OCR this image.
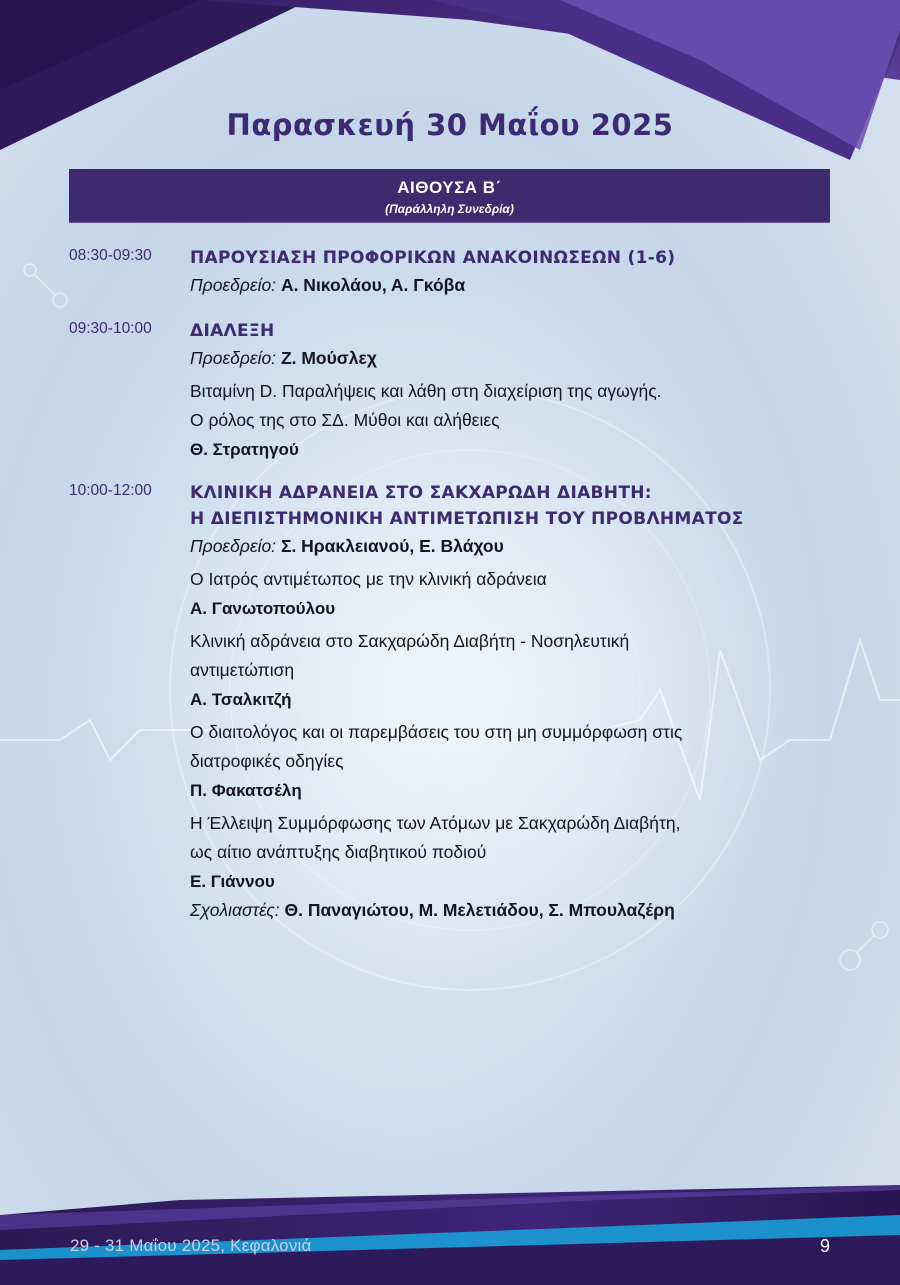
Παρασκευή 30 Μαΐου 2025
ΑΙΘΟΥΣΑ Β΄
(Παράλληλη Συνεδρία)
08:30-09:30	ΠΑΡΟΥΣΙΑΣΗ ΠΡΟΦΟΡΙΚΩΝ ΑΝΑΚΟΙΝΩΣΕΩΝ (1-6)

Προεδρείο: Α. Νικολάου, Α. Γκόβα

09:30-10:00	ΔΙΑΛΕΞΗ

Προεδρείο: Ζ. Μούσλεχ

Βιταμίνη D. Παραλήψεις και λάθη στη διαχείριση της αγωγής.

Ο ρόλος της στο ΣΔ. Μύθοι και αλήθειες

Θ. Στρατηγού

10:00-12:00	ΚΛΙΝΙΚΗ ΑΔΡΑΝΕΙΑ ΣΤΟ ΣΑΚΧΑΡΩΔΗ ΔΙΑΒΗΤΗ:

Η ΔΙΕΠΙΣΤΗΜΟΝΙΚΗ ΑΝΤΙΜΕΤΩΠΙΣΗ ΤΟΥ ΠΡΟΒΛΗΜΑΤΟΣ

Προεδρείο: Σ. Ηρακλειανού, Ε. Βλάχου

Ο Ιατρός αντιμέτωπος με την κλινική αδράνεια

Α. Γανωτοπούλου

Κλινική αδράνεια στο Σακχαρώδη Διαβήτη - Νοσηλευτική

αντιμετώπιση

Α. Τσαλκιτζή

Ο διαιτολόγος και οι παρεμβάσεις του στη μη συμμόρφωση στις

διατροφικές οδηγίες

Π. Φακατσέλη

Η Έλλειψη Συμμόρφωσης των Ατόμων με Σακχαρώδη Διαβήτη,

ως αίτιο ανάπτυξης διαβητικού ποδιού

Ε. Γιάννου

Σχολιαστές: Θ. Παναγιώτου, Μ. Μελετιάδου, Σ. Μπουλαζέρη

29 - 31 Μαΐου 2025, Κεφαλονιά	9
